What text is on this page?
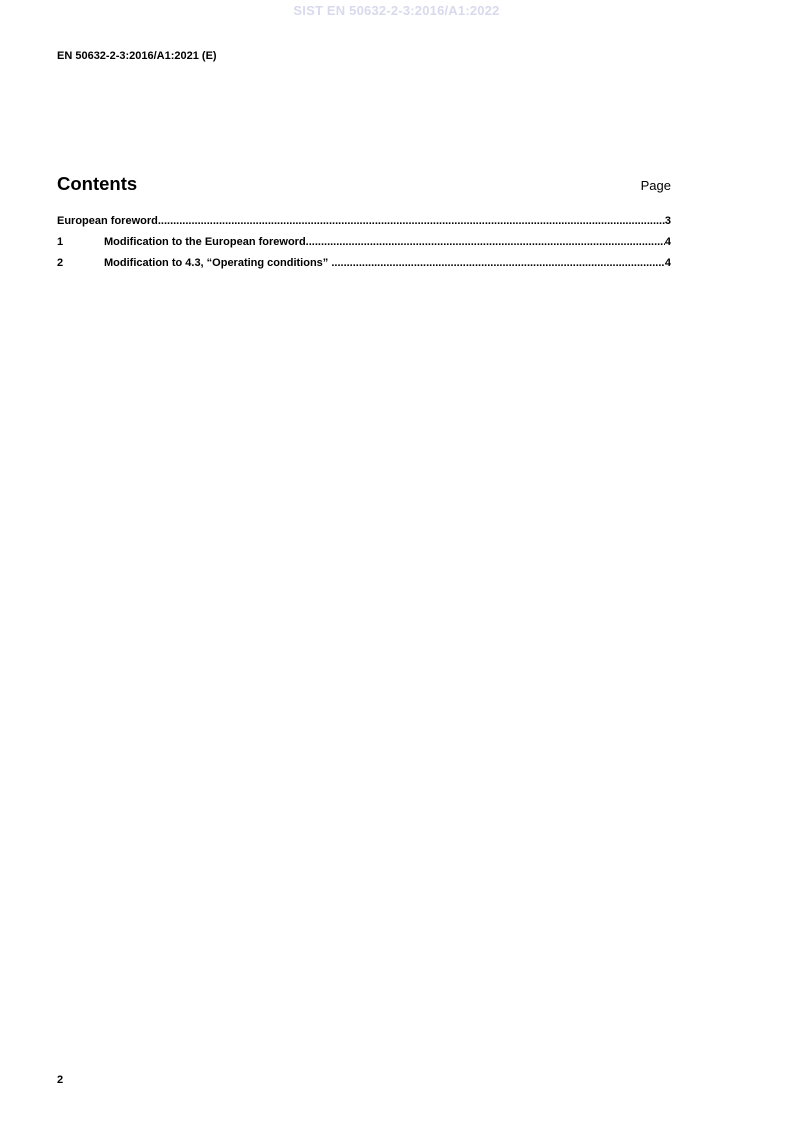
SIST EN 50632-2-3:2016/A1:2022
EN 50632-2-3:2016/A1:2021 (E)
Contents	Page
European foreword .....	3
1	Modification to the European foreword .....	4
2	Modification to 4.3, “Operating conditions” .....	4
2
